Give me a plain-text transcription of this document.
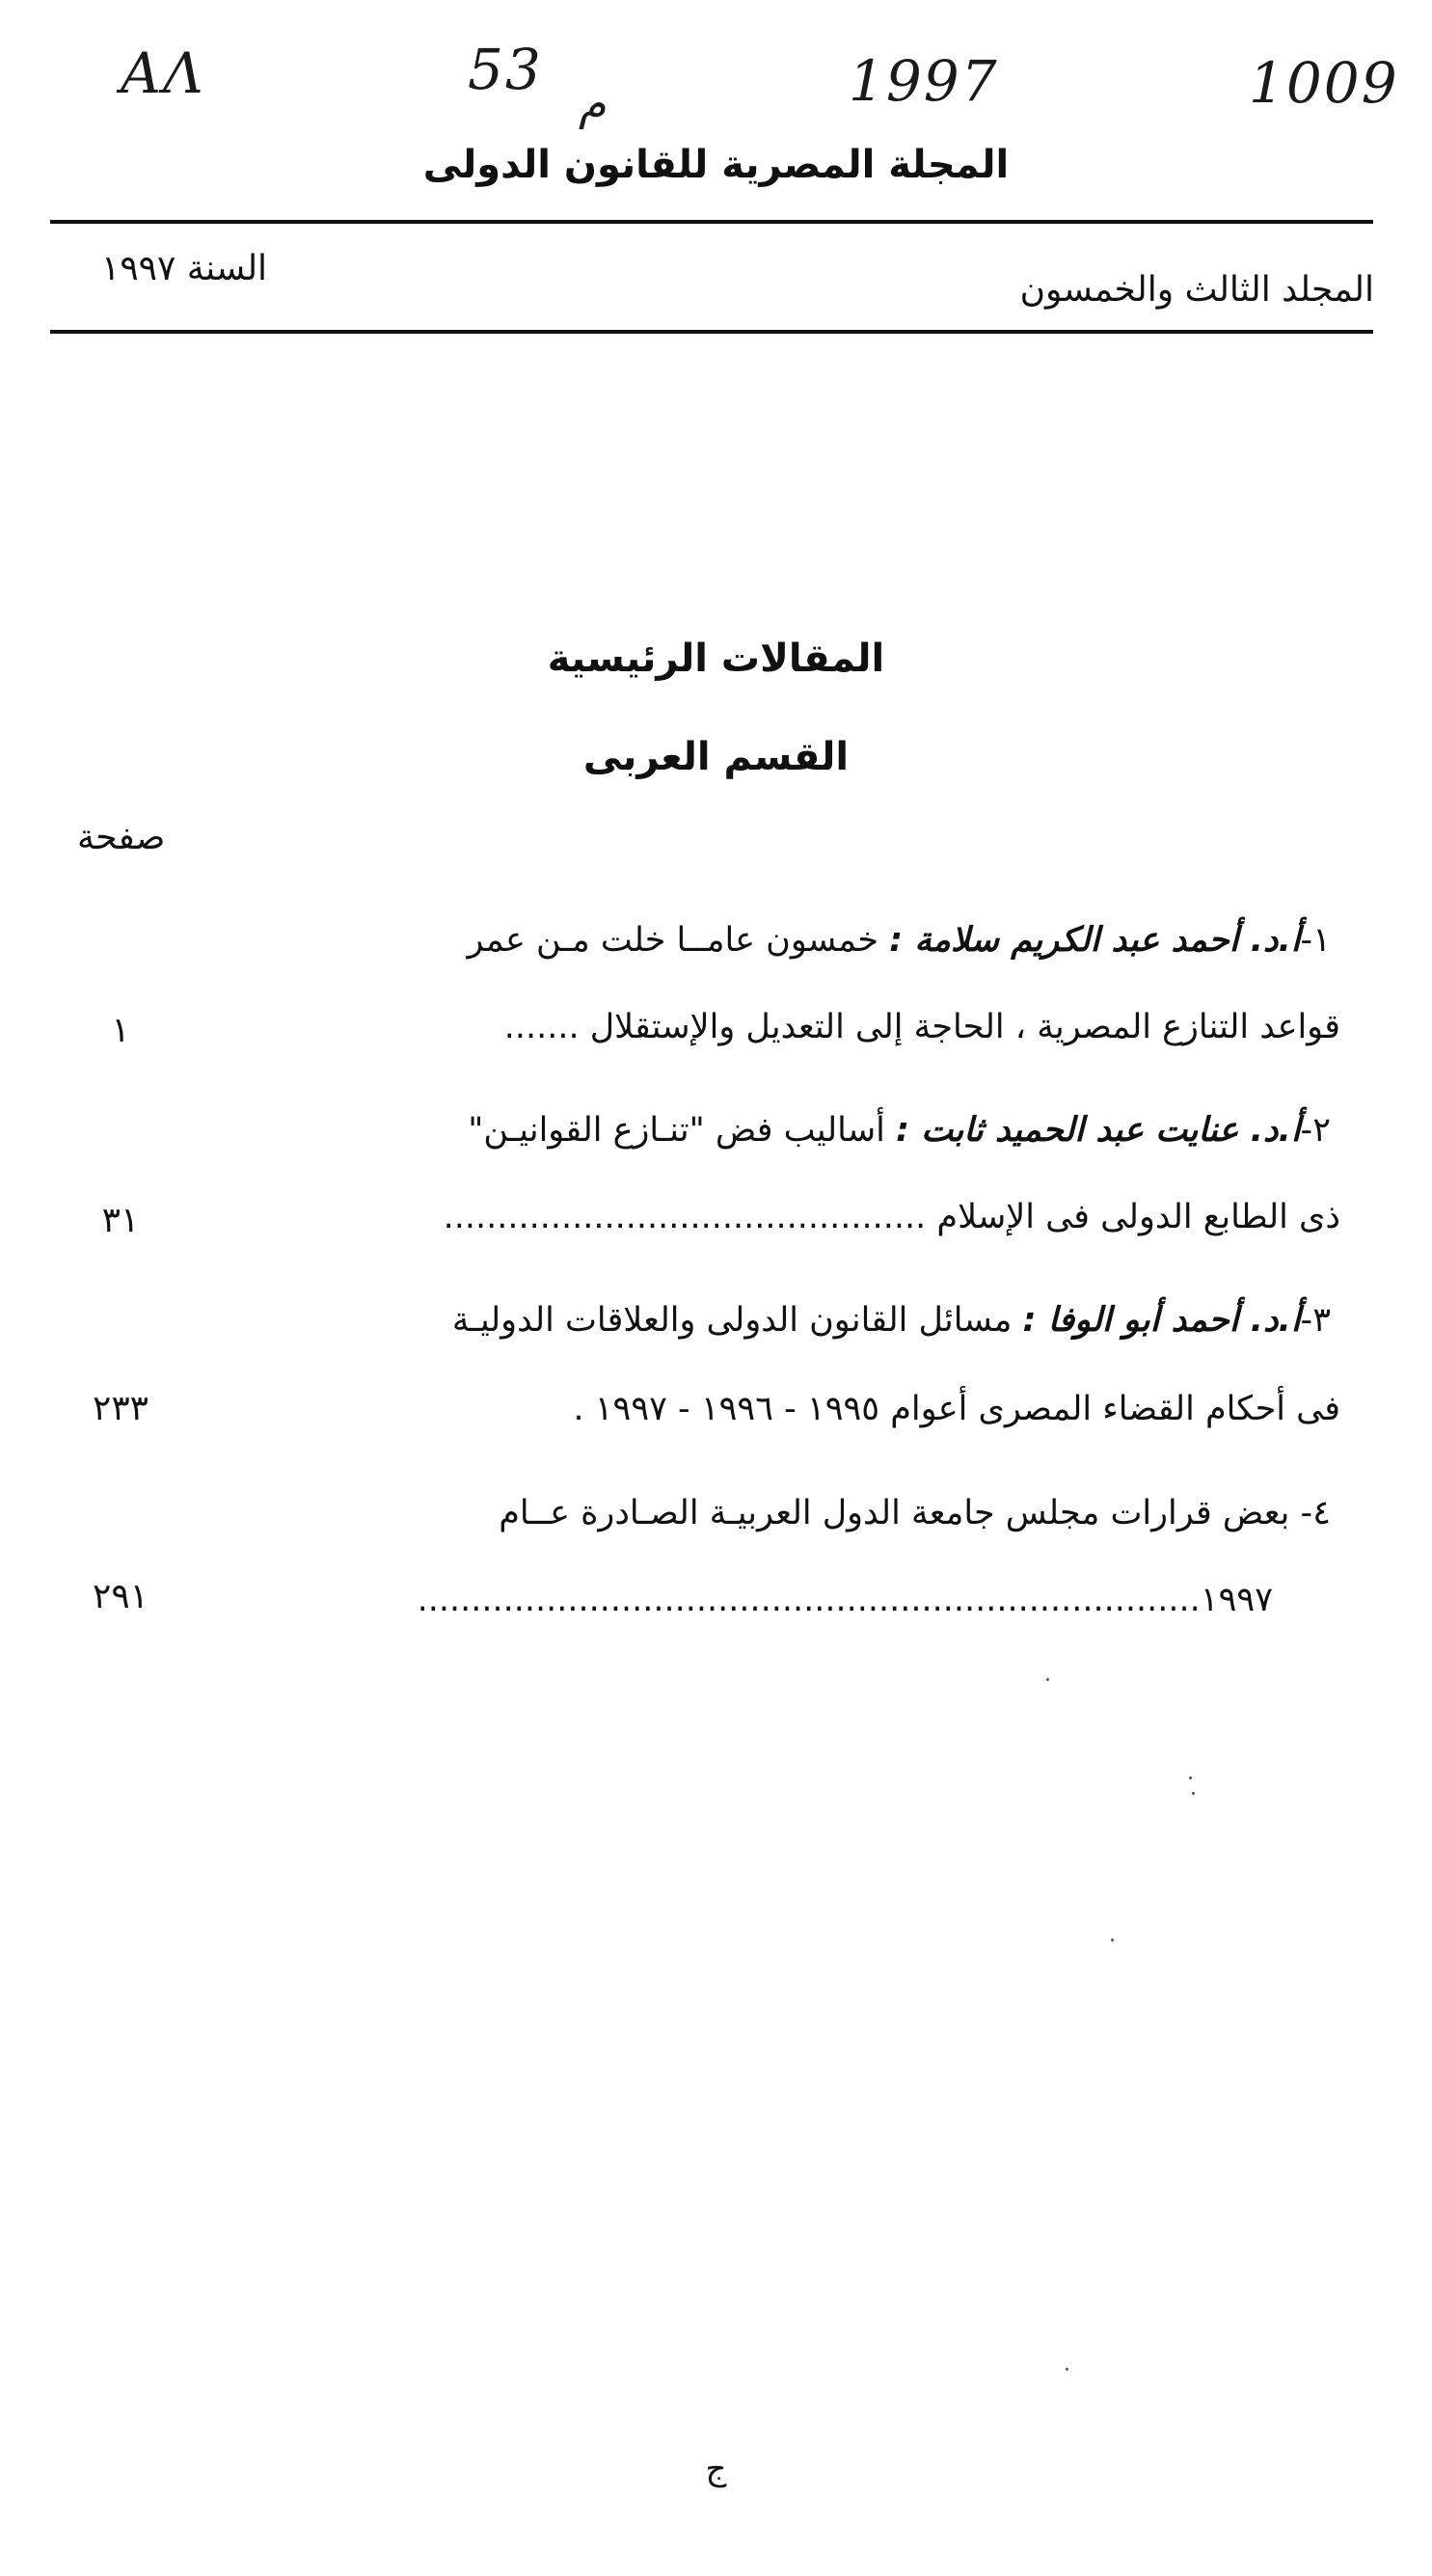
ΑΛ	53
م	1997	1009
المجلة المصرية للقانون الدولى
المجلد الثالث والخمسون
السنة ١٩٩٧
المقالات الرئيسية
القسم العربى
صفحة
١-أ.د. أحمد عبد الكريم سلامة : خمسون عامــا خلت مـن عمر
قواعد التنازع المصرية ، الحاجة إلى التعديل والإستقلال .......
١
٢-أ.د. عنايت عبد الحميد ثابت : أساليب فض "تنـازع القوانيـن"
ذى الطابع الدولى فى الإسلام .............................................
٣١
٣-أ.د. أحمد أبو الوفا : مسائل القانون الدولى والعلاقات الدوليـة
فى أحكام القضاء المصرى أعوام ١٩٩٥ - ١٩٩٦ - ١٩٩٧ .
٢٣٣
٤- بعض قرارات مجلس جامعة الدول العربيـة الصـادرة عــام
١٩٩٧.........................................................................
٢٩١
ج
